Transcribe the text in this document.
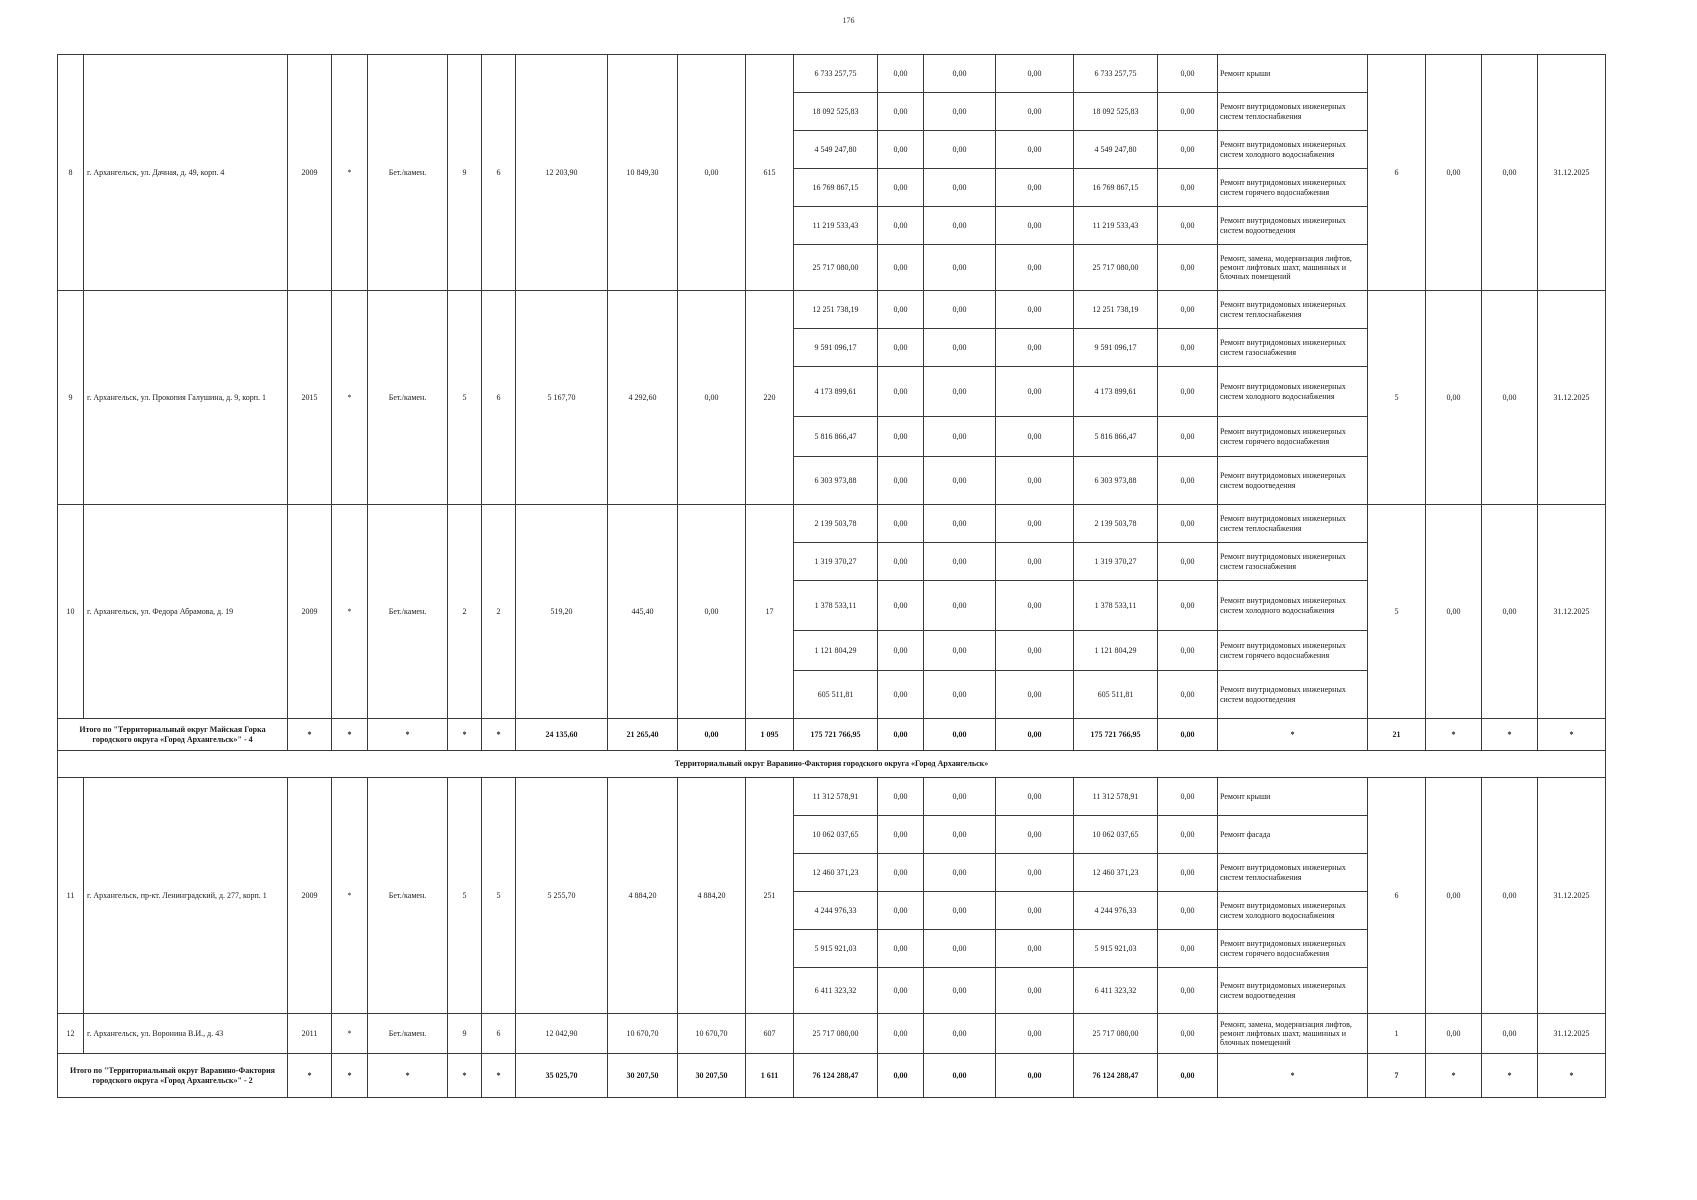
176
8	г. Архангельск, ул. Дачная, д. 49, корп. 4	2009	*	Бет./камен.	9	6	12 203,90	10 849,30	0,00	615	6 733 257,75	0,00	0,00	0,00	6 733 257,75	0,00	Ремонт крыши	6	0,00	0,00	31.12.2025
											18 092 525,83	0,00	0,00	0,00	18 092 525,83	0,00	Ремонт внутридомовых инженерных систем теплоснабжения				
											4 549 247,80	0,00	0,00	0,00	4 549 247,80	0,00	Ремонт внутридомовых инженерных систем холодного водоснабжения				
											16 769 867,15	0,00	0,00	0,00	16 769 867,15	0,00	Ремонт внутридомовых инженерных систем горячего водоснабжения				
											11 219 533,43	0,00	0,00	0,00	11 219 533,43	0,00	Ремонт внутридомовых инженерных систем водоотведения				
											25 717 080,00	0,00	0,00	0,00	25 717 080,00	0,00	Ремонт, замена, модернизация лифтов, ремонт лифтовых шахт, машинных и блочных помещений				
9	г. Архангельск, ул. Прокопия Галушина, д. 9, корп. 1	2015	*	Бет./камен.	5	6	5 167,70	4 292,60	0,00	220	12 251 738,19	0,00	0,00	0,00	12 251 738,19	0,00	Ремонт внутридомовых инженерных систем теплоснабжения	5	0,00	0,00	31.12.2025
											9 591 096,17	0,00	0,00	0,00	9 591 096,17	0,00	Ремонт внутридомовых инженерных систем газоснабжения				
											4 173 899,61	0,00	0,00	0,00	4 173 899,61	0,00	Ремонт внутридомовых инженерных систем холодного водоснабжения				
											5 816 866,47	0,00	0,00	0,00	5 816 866,47	0,00	Ремонт внутридомовых инженерных систем горячего водоснабжения				
											6 303 973,88	0,00	0,00	0,00	6 303 973,88	0,00	Ремонт внутридомовых инженерных систем водоотведения				
10	г. Архангельск, ул. Федора Абрамова, д. 19	2009	*	Бет./камен.	2	2	519,20	445,40	0,00	17	2 139 503,78	0,00	0,00	0,00	2 139 503,78	0,00	Ремонт внутридомовых инженерных систем теплоснабжения	5	0,00	0,00	31.12.2025
											1 319 370,27	0,00	0,00	0,00	1 319 370,27	0,00	Ремонт внутридомовых инженерных систем газоснабжения				
											1 378 533,11	0,00	0,00	0,00	1 378 533,11	0,00	Ремонт внутридомовых инженерных систем холодного водоснабжения				
											1 121 804,29	0,00	0,00	0,00	1 121 804,29	0,00	Ремонт внутридомовых инженерных систем горячего водоснабжения				
											605 511,81	0,00	0,00	0,00	605 511,81	0,00	Ремонт внутридомовых инженерных систем водоотведения				
Итого по "Территориальный округ Майская Горка городского округа «Город Архангельск»" - 4		*	*	*	*	*	24 135,60	21 265,40	0,00	1 095	175 721 766,95	0,00	0,00	0,00	175 721 766,95	0,00	*	21	*	*	*
Территориальный округ Варавино-Фактория городского округа «Город Архангельск»																					
11	г. Архангельск, пр-кт. Ленинградский, д. 277, корп. 1	2009	*	Бет./камен.	5	5	5 255,70	4 884,20	4 884,20	251	11 312 578,91	0,00	0,00	0,00	11 312 578,91	0,00	Ремонт крыши	6	0,00	0,00	31.12.2025
											10 062 037,65	0,00	0,00	0,00	10 062 037,65	0,00	Ремонт фасада				
											12 460 371,23	0,00	0,00	0,00	12 460 371,23	0,00	Ремонт внутридомовых инженерных систем теплоснабжения				
											4 244 976,33	0,00	0,00	0,00	4 244 976,33	0,00	Ремонт внутридомовых инженерных систем холодного водоснабжения				
											5 915 921,03	0,00	0,00	0,00	5 915 921,03	0,00	Ремонт внутридомовых инженерных систем горячего водоснабжения				
											6 411 323,32	0,00	0,00	0,00	6 411 323,32	0,00	Ремонт внутридомовых инженерных систем водоотведения				
12	г. Архангельск, ул. Воронина В.И., д. 43	2011	*	Бет./камен.	9	6	12 042,90	10 670,70	10 670,70	607	25 717 080,00	0,00	0,00	0,00	25 717 080,00	0,00	Ремонт, замена, модернизация лифтов, ремонт лифтовых шахт, машинных и блочных помещений	1	0,00	0,00	31.12.2025
Итого по "Территориальный округ Варавино-Фактория городского округа «Город Архангельск»" - 2		*	*	*	*	*	35 025,70	30 207,50	30 207,50	1 611	76 124 288,47	0,00	0,00	0,00	76 124 288,47	0,00	*	7	*	*	*
